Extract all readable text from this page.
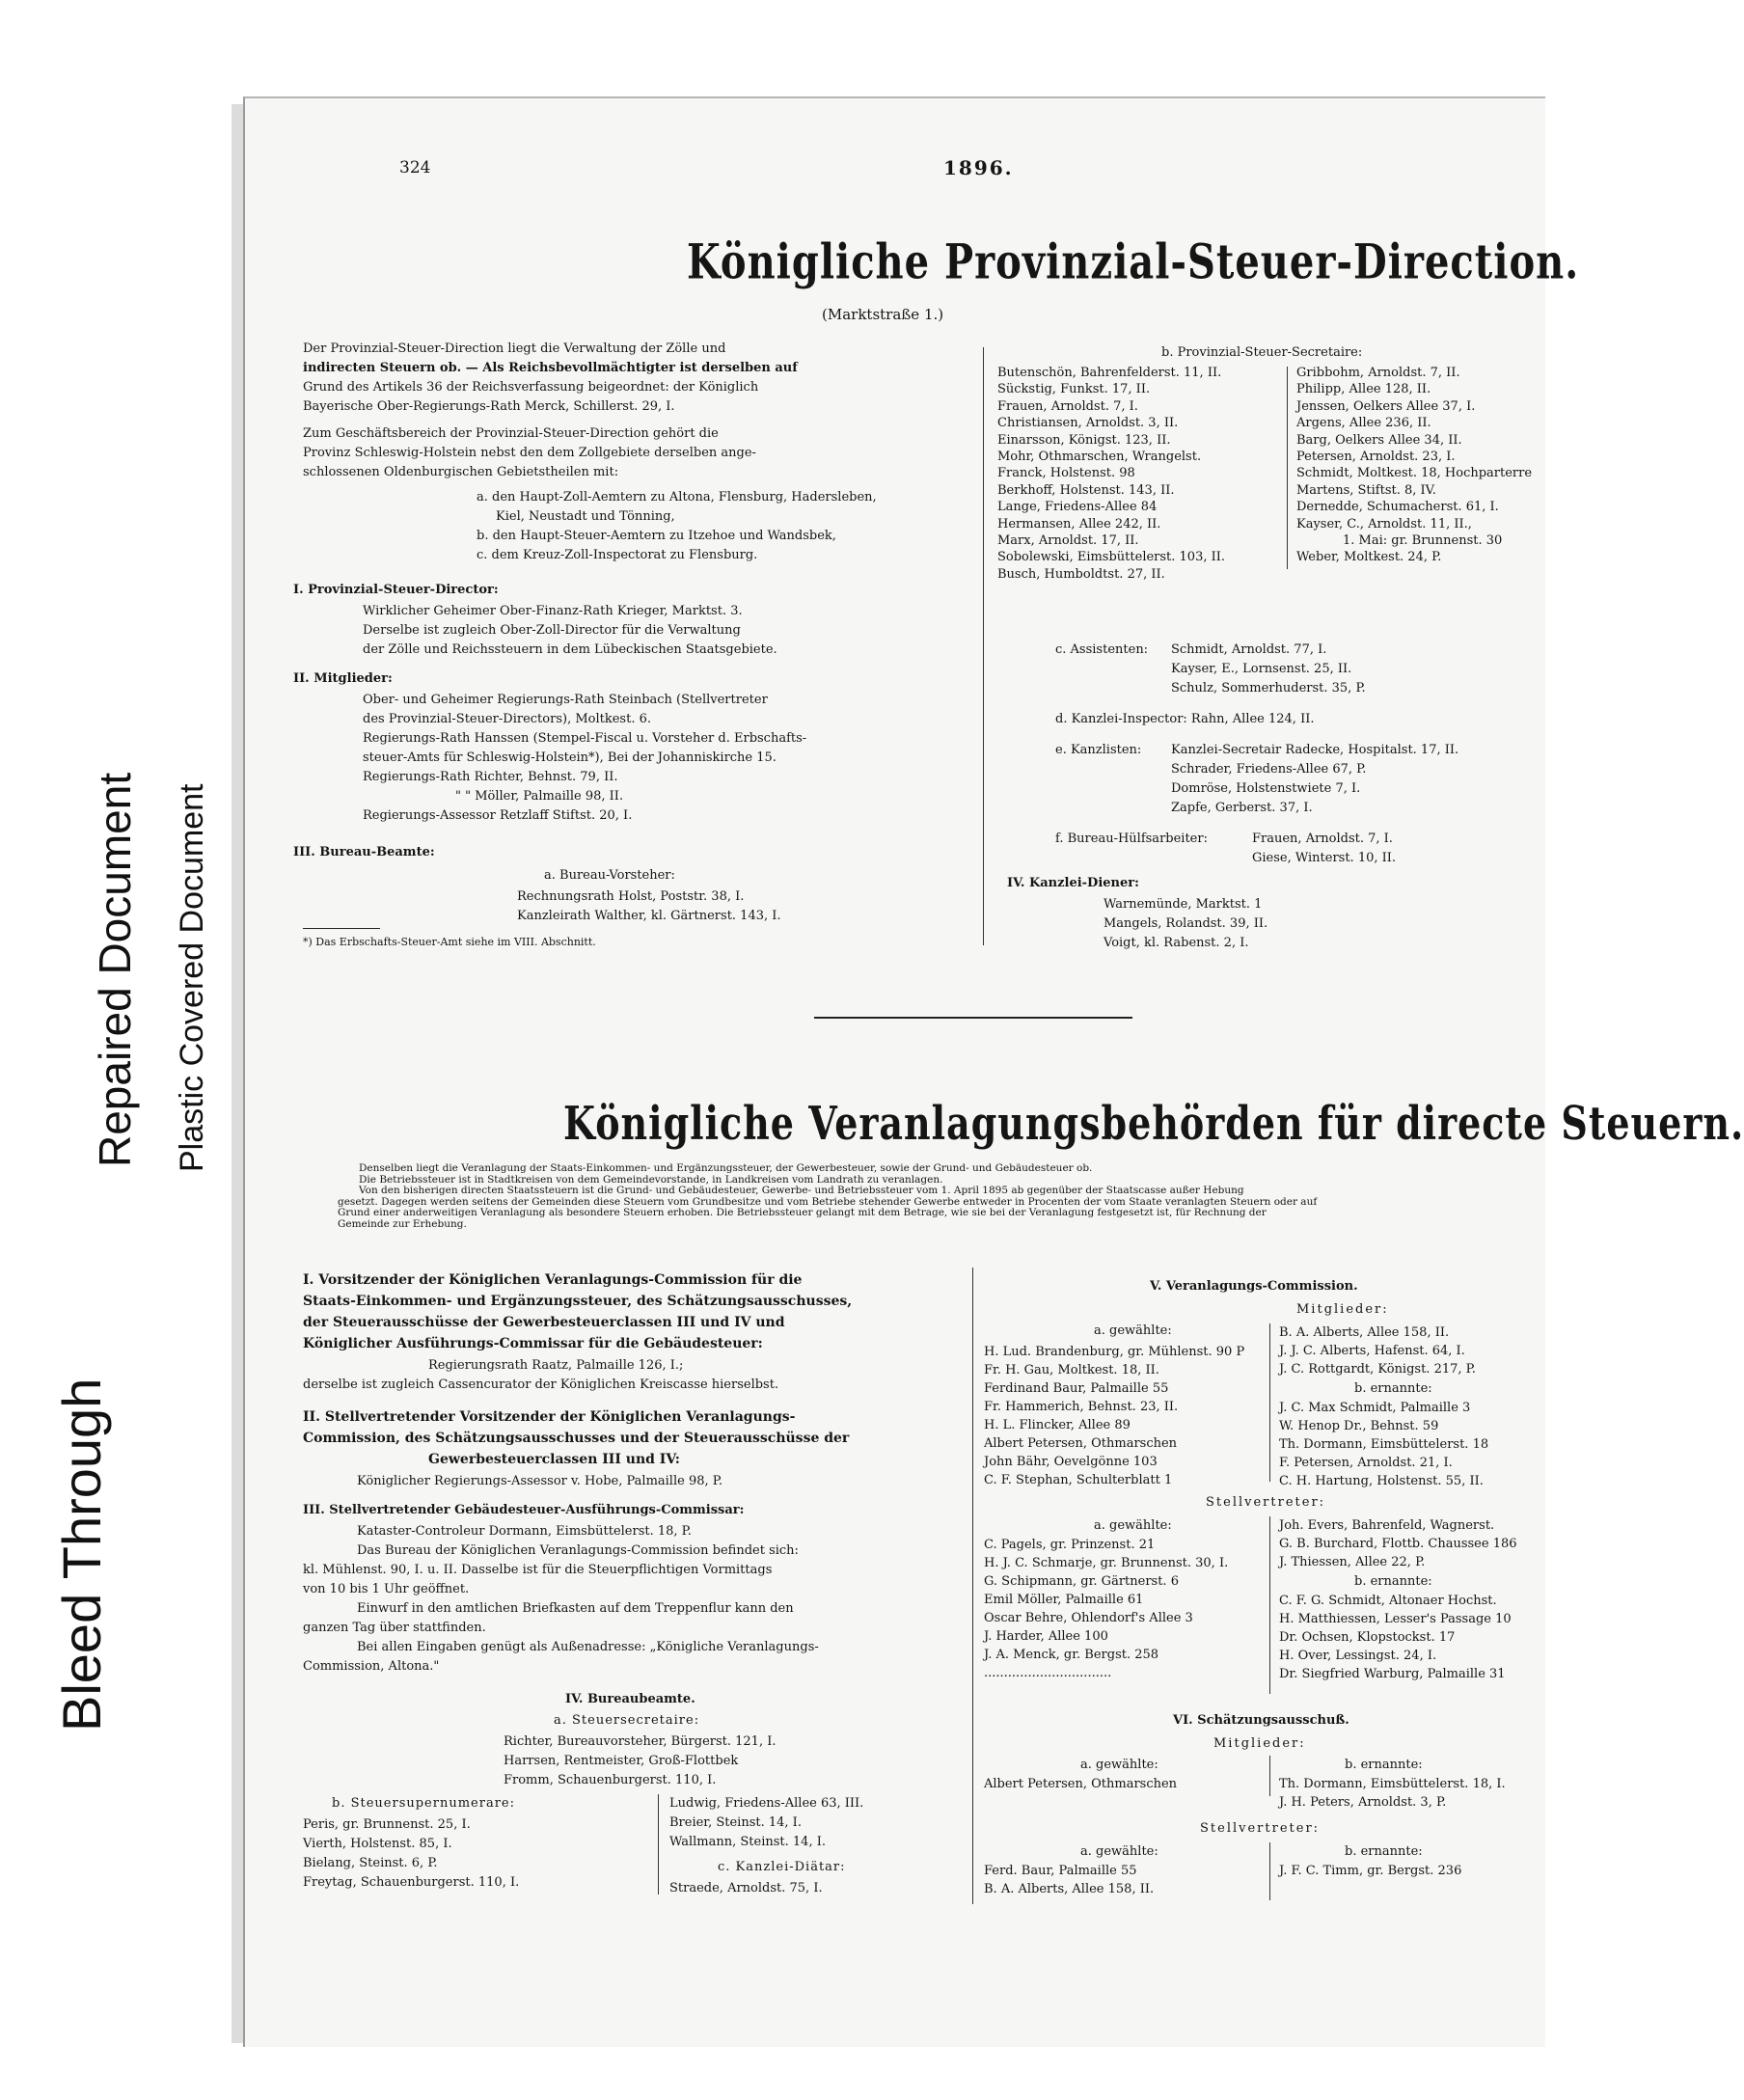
Bleed Through
Repaired Document Plastic Covered Document
324	1896.
Königliche Provinzial-Steuer-Direction.
(Marktstraße 1.)
Der Provinzial-Steuer-Direction liegt die Verwaltung der Zölle und
indirecten Steuern ob. — Als Reichsbevollmächtigter ist derselben auf
Grund des Artikels 36 der Reichsverfassung beigeordnet: der Königlich
Bayerische Ober-Regierungs-Rath Merck, Schillerst. 29, I.
Zum Geschäftsbereich der Provinzial-Steuer-Direction gehört die
Provinz Schleswig-Holstein nebst den dem Zollgebiete derselben ange-
schlossenen Oldenburgischen Gebietstheilen mit:
a. den Haupt-Zoll-Aemtern zu Altona, Flensburg, Hadersleben,
Kiel, Neustadt und Tönning,
b. den Haupt-Steuer-Aemtern zu Itzehoe und Wandsbek,
c. dem Kreuz-Zoll-Inspectorat zu Flensburg.
I. Provinzial-Steuer-Director:
Wirklicher Geheimer Ober-Finanz-Rath Krieger, Marktst. 3.
Derselbe ist zugleich Ober-Zoll-Director für die Verwaltung
der Zölle und Reichssteuern in dem Lübeckischen Staatsgebiete.
II. Mitglieder:
Ober- und Geheimer Regierungs-Rath Steinbach (Stellvertreter
des Provinzial-Steuer-Directors), Moltkest. 6.
Regierungs-Rath Hanssen (Stempel-Fiscal u. Vorsteher d. Erbschafts-
steuer-Amts für Schleswig-Holstein*), Bei der Johanniskirche 15.
Regierungs-Rath Richter, Behnst. 79, II.
" " Möller, Palmaille 98, II.
Regierungs-Assessor Retzlaff Stiftst. 20, I.
III. Bureau-Beamte:
a. Bureau-Vorsteher:
Rechnungsrath Holst, Poststr. 38, I.
Kanzleirath Walther, kl. Gärtnerst. 143, I.
*) Das Erbschafts-Steuer-Amt siehe im VIII. Abschnitt.
b. Provinzial-Steuer-Secretaire:
Butenschön, Bahrenfelderst. 11, II.
Sückstig, Funkst. 17, II.
Frauen, Arnoldst. 7, I.
Christiansen, Arnoldst. 3, II.
Einarsson, Königst. 123, II.
Mohr, Othmarschen, Wrangelst.
Franck, Holstenst. 98
Berkhoff, Holstenst. 143, II.
Lange, Friedens-Allee 84
Hermansen, Allee 242, II.
Marx, Arnoldst. 17, II.
Sobolewski, Eimsbüttelerst. 103, II.
Busch, Humboldtst. 27, II.
Gribbohm, Arnoldst. 7, II.
Philipp, Allee 128, II.
Jenssen, Oelkers Allee 37, I.
Argens, Allee 236, II.
Barg, Oelkers Allee 34, II.
Petersen, Arnoldst. 23, I.
Schmidt, Moltkest. 18, Hochparterre
Martens, Stiftst. 8, IV.
Dernedde, Schumacherst. 61, I.
Kayser, C., Arnoldst. 11, II.,
1. Mai: gr. Brunnenst. 30
Weber, Moltkest. 24, P.
c. Assistenten: Schmidt, Arnoldst. 77, I.
Kayser, E., Lornsenst. 25, II.
Schulz, Sommerhuderst. 35, P.
d. Kanzlei-Inspector: Rahn, Allee 124, II.
e. Kanzlisten: Kanzlei-Secretair Radecke, Hospitalst. 17, II.
Schrader, Friedens-Allee 67, P.
Domröse, Holstenstwiete 7, I.
Zapfe, Gerberst. 37, I.
f. Bureau-Hülfsarbeiter:	Frauen, Arnoldst. 7, I.
Giese, Winterst. 10, II.
IV. Kanzlei-Diener:
Warnemünde, Marktst. 1
Mangels, Rolandst. 39, II.
Voigt, kl. Rabenst. 2, I.
Königliche Veranlagungsbehörden für directe Steuern.
Denselben liegt die Veranlagung der Staats-Einkommen- und Ergänzungssteuer, der Gewerbesteuer, sowie der Grund- und Gebäudesteuer ob.
Die Betriebssteuer ist in Stadtkreisen von dem Gemeindevorstande, in Landkreisen vom Landrath zu veranlagen.
Von den bisherigen directen Staatssteuern ist die Grund- und Gebäudesteuer, Gewerbe- und Betriebssteuer vom 1. April 1895 ab gegenüber der Staatscasse außer Hebung
gesetzt. Dagegen werden seitens der Gemeinden diese Steuern vom Grundbesitze und vom Betriebe stehender Gewerbe entweder in Procenten der vom Staate veranlagten Steuern oder auf
Grund einer anderweitigen Veranlagung als besondere Steuern erhoben. Die Betriebssteuer gelangt mit dem Betrage, wie sie bei der Veranlagung festgesetzt ist, für Rechnung der
Gemeinde zur Erhebung.
I. Vorsitzender der Königlichen Veranlagungs-Commission für die
Staats-Einkommen- und Ergänzungssteuer, des Schätzungsausschusses,
der Steuerausschüsse der Gewerbesteuerclassen III und IV und
Königlicher Ausführungs-Commissar für die Gebäudesteuer:
Regierungsrath Raatz, Palmaille 126, I.;
derselbe ist zugleich Cassencurator der Königlichen Kreiscasse hierselbst.
II. Stellvertretender Vorsitzender der Königlichen Veranlagungs-
Commission, des Schätzungsausschusses und der Steuerausschüsse der
Gewerbesteuerclassen III und IV:
Königlicher Regierungs-Assessor v. Hobe, Palmaille 98, P.
III. Stellvertretender Gebäudesteuer-Ausführungs-Commissar:
Kataster-Controleur Dormann, Eimsbüttelerst. 18, P.
Das Bureau der Königlichen Veranlagungs-Commission befindet sich:
kl. Mühlenst. 90, I. u. II. Dasselbe ist für die Steuerpflichtigen Vormittags
von 10 bis 1 Uhr geöffnet.
Einwurf in den amtlichen Briefkasten auf dem Treppenflur kann den
ganzen Tag über stattfinden.
Bei allen Eingaben genügt als Außenadresse: „Königliche Veranlagungs-
Commission, Altona."
IV. Bureaubeamte.
a. Steuersecretaire:
Richter, Bureauvorsteher, Bürgerst. 121, I.
Harrsen, Rentmeister, Groß-Flottbek
Fromm, Schauenburgerst. 110, I.
b. Steuersupernumerare:
Peris, gr. Brunnenst. 25, I.
Vierth, Holstenst. 85, I.
Bielang, Steinst. 6, P.
Freytag, Schauenburgerst. 110, I.
Ludwig, Friedens-Allee 63, III.
Breier, Steinst. 14, I.
Wallmann, Steinst. 14, I.
c. Kanzlei-Diätar:
Straede, Arnoldst. 75, I.
V. Veranlagungs-Commission.
Mitglieder:
a. gewählte:
H. Lud. Brandenburg, gr. Mühlenst. 90 P
Fr. H. Gau, Moltkest. 18, II.
Ferdinand Baur, Palmaille 55
Fr. Hammerich, Behnst. 23, II.
H. L. Flincker, Allee 89
Albert Petersen, Othmarschen
John Bähr, Oevelgönne 103
C. F. Stephan, Schulterblatt 1
B. A. Alberts, Allee 158, II.
J. J. C. Alberts, Hafenst. 64, I.
J. C. Rottgardt, Königst. 217, P.
b. ernannte:
J. C. Max Schmidt, Palmaille 3
W. Henop Dr., Behnst. 59
Th. Dormann, Eimsbüttelerst. 18
F. Petersen, Arnoldst. 21, I.
C. H. Hartung, Holstenst. 55, II.
Stellvertreter:
a. gewählte:
C. Pagels, gr. Prinzenst. 21
H. J. C. Schmarje, gr. Brunnenst. 30, I.
G. Schipmann, gr. Gärtnerst. 6
Emil Möller, Palmaille 61
Oscar Behre, Ohlendorf's Allee 3
J. Harder, Allee 100
J. A. Menck, gr. Bergst. 258
................................
Joh. Evers, Bahrenfeld, Wagnerst.
G. B. Burchard, Flottb. Chaussee 186
J. Thiessen, Allee 22, P.
b. ernannte:
C. F. G. Schmidt, Altonaer Hochst.
H. Matthiessen, Lesser's Passage 10
Dr. Ochsen, Klopstockst. 17
H. Over, Lessingst. 24, I.
Dr. Siegfried Warburg, Palmaille 31
VI. Schätzungsausschuß.
Mitglieder:
a. gewählte:
Albert Petersen, Othmarschen
b. ernannte:
Th. Dormann, Eimsbüttelerst. 18, I.
J. H. Peters, Arnoldst. 3, P.
Stellvertreter:
a. gewählte:
Ferd. Baur, Palmaille 55
B. A. Alberts, Allee 158, II.
b. ernannte:
J. F. C. Timm, gr. Bergst. 236
